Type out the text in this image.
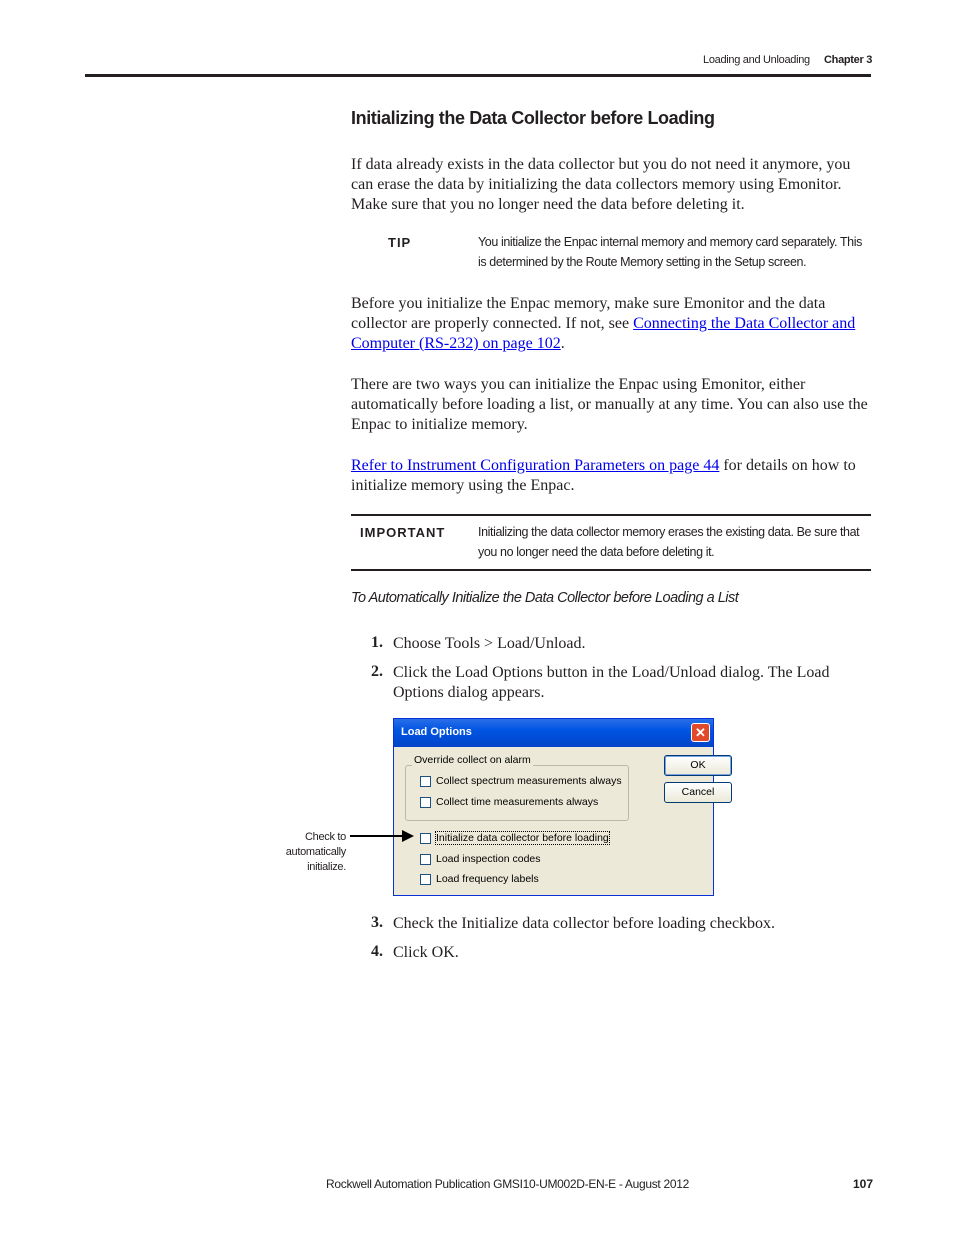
Loading and Unloading Chapter 3
Initializing the Data Collector before Loading

If data already exists in the data collector but you do not need it anymore, you can erase the data by initializing the data collectors memory using Emonitor. Make sure that you no longer need the data before deleting it.

TIP	You initialize the Enpac internal memory and memory card separately. This is determined by the Route Memory setting in the Setup screen.

Before you initialize the Enpac memory, make sure Emonitor and the data collector are properly connected. If not, see Connecting the Data Collector and Computer (RS-232) on page 102.

There are two ways you can initialize the Enpac using Emonitor, either automatically before loading a list, or manually at any time. You can also use the Enpac to initialize memory.

Refer to Instrument Configuration Parameters on page 44 for details on how to initialize memory using the Enpac.

IMPORTANT	Initializing the data collector memory erases the existing data. Be sure that you no longer need the data before deleting it.
To Automatically Initialize the Data Collector before Loading a List
1. Choose Tools > Load/Unload.
2. Click the Load Options button in the Load/Unload dialog. The Load Options dialog appears.
Load Options	✕
Override collect on alarm
Collect spectrum measurements always
Collect time measurements always
Initialize data collector before loading
Load inspection codes
Load frequency labels
OK
Cancel
Check to automatically initialize.
3. Check the Initialize data collector before loading checkbox.
4. Click OK.
Rockwell Automation Publication GMSI10-UM002D-EN-E - August 2012	107
